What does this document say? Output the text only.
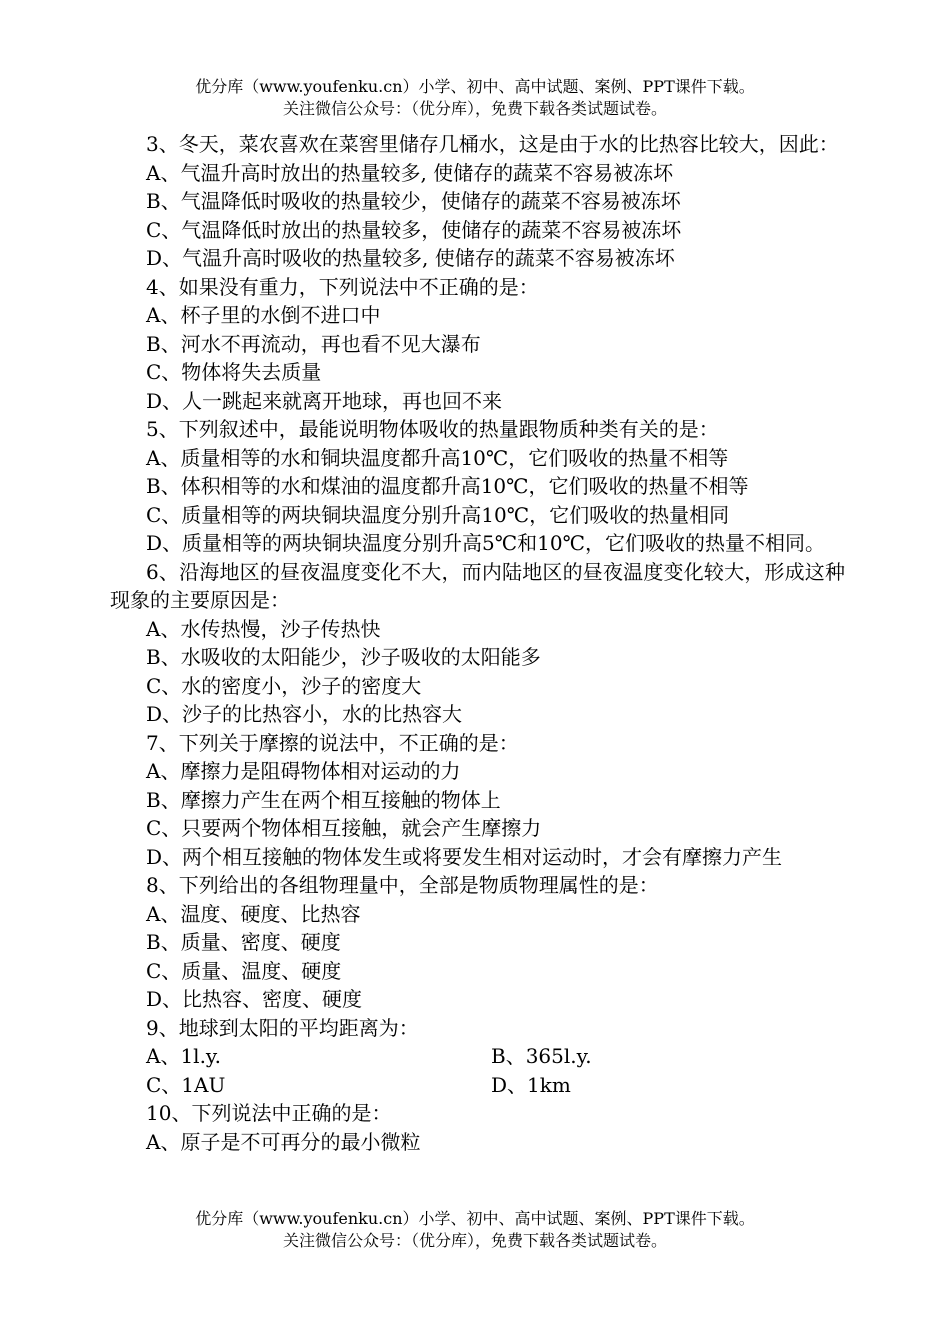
优分库（www.youfenku.cn）小学、初中、高中试题、案例、PPT课件下载。
关注微信公众号：（优分库），免费下载各类试题试卷。
3、冬天，菜农喜欢在菜窖里储存几桶水，这是由于水的比热容比较大，因此：
A、气温升高时放出的热量较多, 使储存的蔬菜不容易被冻坏
B、气温降低时吸收的热量较少，使储存的蔬菜不容易被冻坏
C、气温降低时放出的热量较多，使储存的蔬菜不容易被冻坏
D、气温升高时吸收的热量较多, 使储存的蔬菜不容易被冻坏
4、如果没有重力，下列说法中不正确的是：
A、杯子里的水倒不进口中
B、河水不再流动，再也看不见大瀑布
C、物体将失去质量
D、人一跳起来就离开地球，再也回不来
5、下列叙述中，最能说明物体吸收的热量跟物质种类有关的是：
A、质量相等的水和铜块温度都升高10℃，它们吸收的热量不相等
B、体积相等的水和煤油的温度都升高10℃，它们吸收的热量不相等
C、质量相等的两块铜块温度分别升高10℃，它们吸收的热量相同
D、质量相等的两块铜块温度分别升高5℃和10℃，它们吸收的热量不相同。
6、沿海地区的昼夜温度变化不大，而内陆地区的昼夜温度变化较大，形成这种现象的主要原因是：
A、水传热慢，沙子传热快
B、水吸收的太阳能少，沙子吸收的太阳能多
C、水的密度小，沙子的密度大
D、沙子的比热容小，水的比热容大
7、下列关于摩擦的说法中，不正确的是：
A、摩擦力是阻碍物体相对运动的力
B、摩擦力产生在两个相互接触的物体上
C、只要两个物体相互接触，就会产生摩擦力
D、两个相互接触的物体发生或将要发生相对运动时，才会有摩擦力产生
8、下列给出的各组物理量中，全部是物质物理属性的是：
A、温度、硬度、比热容
B、质量、密度、硬度
C、质量、温度、硬度
D、比热容、密度、硬度
9、地球到太阳的平均距离为：
A、1l.y.	B、365l.y.
C、1AU	D、1km
10、下列说法中正确的是：
A、原子是不可再分的最小微粒
优分库（www.youfenku.cn）小学、初中、高中试题、案例、PPT课件下载。
关注微信公众号：（优分库），免费下载各类试题试卷。
